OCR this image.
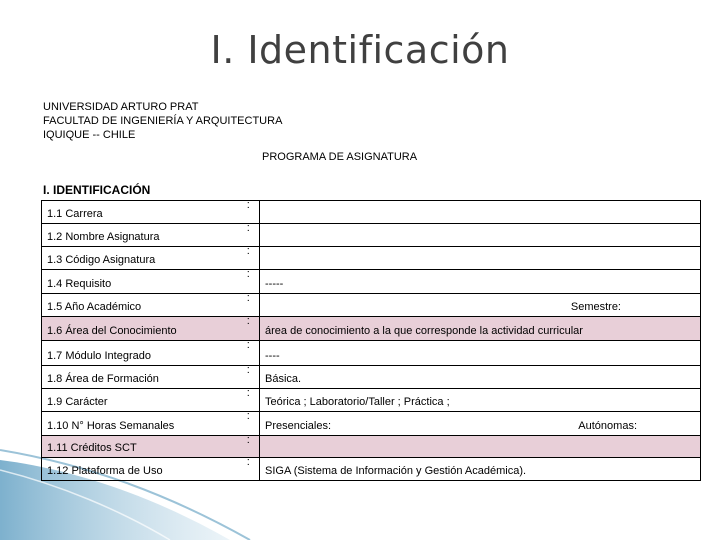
I. Identificación
UNIVERSIDAD ARTURO PRAT
FACULTAD DE INGENIERÍA Y ARQUITECTURA
IQUIQUE -- CHILE
PROGRAMA DE ASIGNATURA
I. IDENTIFICACIÓN
1.1 Carrera	:	

1.2 Nombre Asignatura	:	

1.3 Código Asignatura	:	

1.4 Requisito	:	-----

1.5 Año Académico	:	Semestre:

1.6 Área del Conocimiento	:	área de conocimiento a la que corresponde la actividad curricular

1.7 Módulo Integrado	:	----

1.8 Área de Formación	:	Básica.

1.9 Carácter	:	Teórica ; Laboratorio/Taller ; Práctica ;

1.10 N° Horas Semanales	:	Presenciales: Autónomas:

1.11 Créditos SCT	:	

1.12 Plataforma de Uso	:	SIGA (Sistema de Información y Gestión Académica).
